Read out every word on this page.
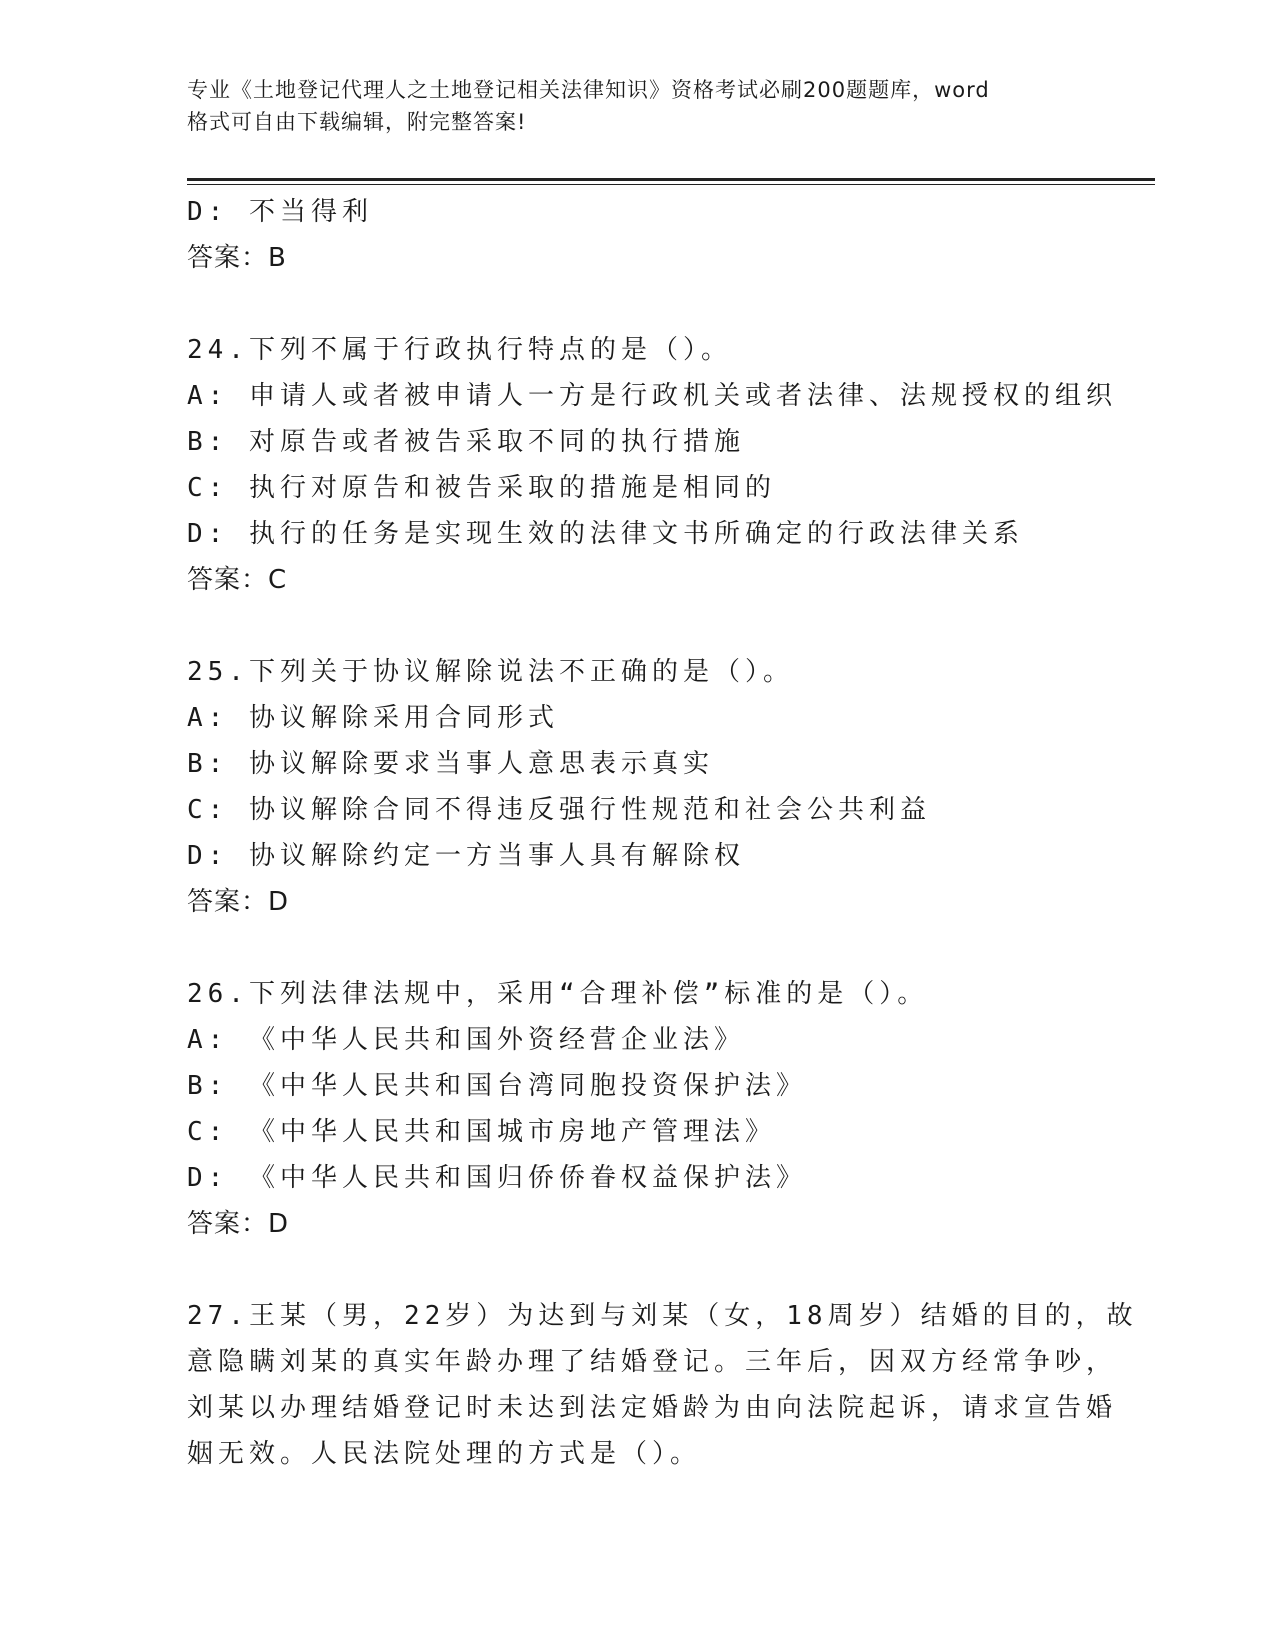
专业《土地登记代理人之土地登记相关法律知识》资格考试必刷200题题库，word
格式可自由下载编辑，附完整答案!
D: 不当得利
答案：B
24.下列不属于行政执行特点的是（）。
A: 申请人或者被申请人一方是行政机关或者法律、法规授权的组织
B: 对原告或者被告采取不同的执行措施
C: 执行对原告和被告采取的措施是相同的
D: 执行的任务是实现生效的法律文书所确定的行政法律关系
答案：C
25.下列关于协议解除说法不正确的是（）。
A: 协议解除采用合同形式
B: 协议解除要求当事人意思表示真实
C: 协议解除合同不得违反强行性规范和社会公共利益
D: 协议解除约定一方当事人具有解除权
答案：D
26.下列法律法规中，采用“合理补偿”标准的是（）。
A: 《中华人民共和国外资经营企业法》
B: 《中华人民共和国台湾同胞投资保护法》
C: 《中华人民共和国城市房地产管理法》
D: 《中华人民共和国归侨侨眷权益保护法》
答案：D
27.王某（男，22岁）为达到与刘某（女，18周岁）结婚的目的，故
意隐瞒刘某的真实年龄办理了结婚登记。三年后，因双方经常争吵，
刘某以办理结婚登记时未达到法定婚龄为由向法院起诉，请求宣告婚
姻无效。人民法院处理的方式是（）。
